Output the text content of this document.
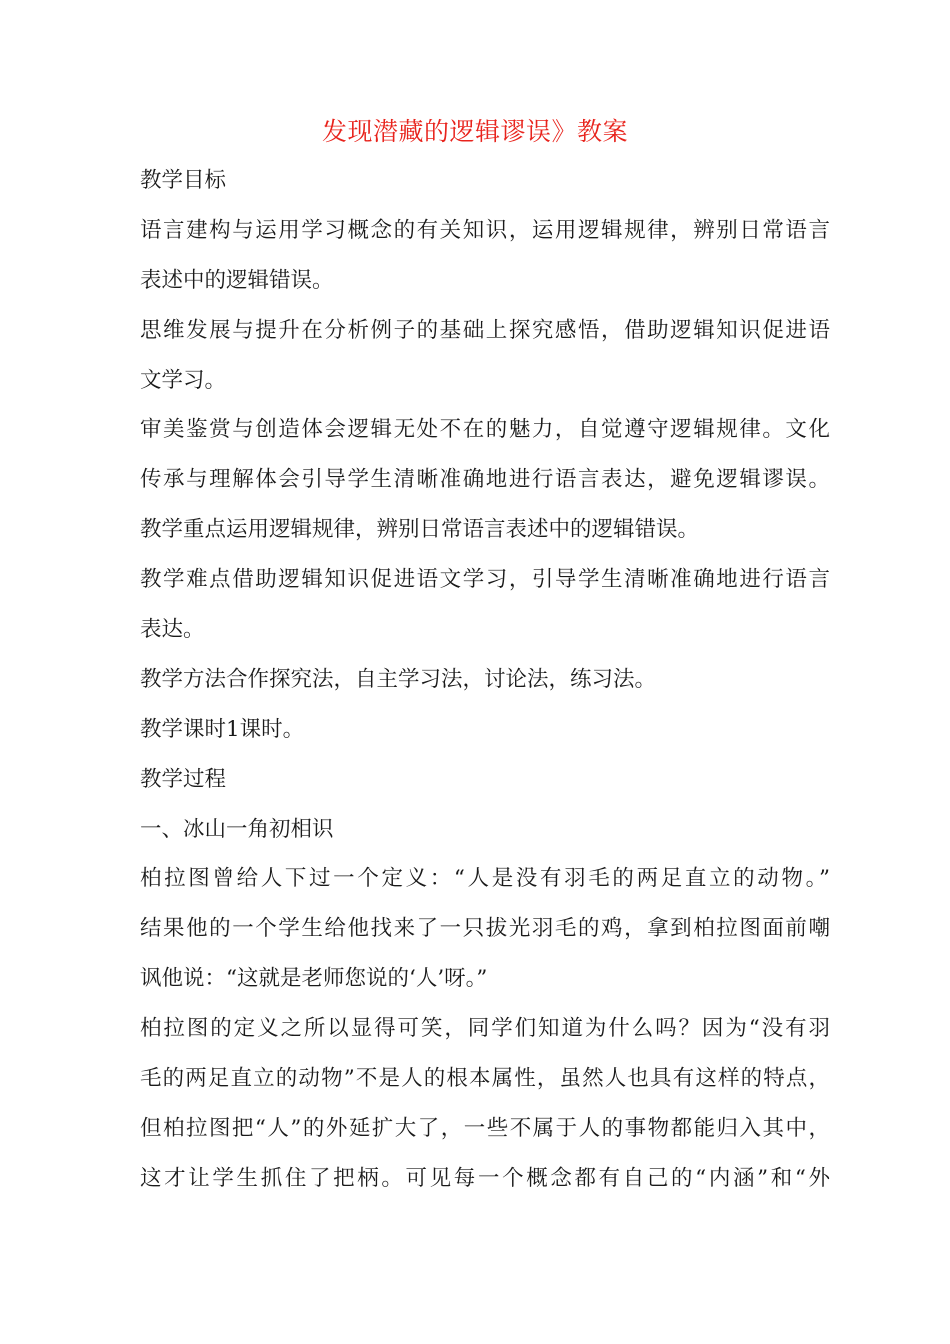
发现潜藏的逻辑谬误》教案
教学目标
语言建构与运用学习概念的有关知识，运用逻辑规律，辨别日常语言
表述中的逻辑错误。
思维发展与提升在分析例子的基础上探究感悟，借助逻辑知识促进语
文学习。
审美鉴赏与创造体会逻辑无处不在的魅力，自觉遵守逻辑规律。文化
传承与理解体会引导学生清晰准确地进行语言表达，避免逻辑谬误。
教学重点运用逻辑规律，辨别日常语言表述中的逻辑错误。
教学难点借助逻辑知识促进语文学习，引导学生清晰准确地进行语言
表达。
教学方法合作探究法，自主学习法，讨论法，练习法。
教学课时1课时。
教学过程
一、冰山一角初相识
柏拉图曾给人下过一个定义：“人是没有羽毛的两足直立的动物。”
结果他的一个学生给他找来了一只拔光羽毛的鸡，拿到柏拉图面前嘲
讽他说：“这就是老师您说的‘人’呀。”
柏拉图的定义之所以显得可笑，同学们知道为什么吗？因为“没有羽
毛的两足直立的动物”不是人的根本属性，虽然人也具有这样的特点，
但柏拉图把“人”的外延扩大了，一些不属于人的事物都能归入其中，
这才让学生抓住了把柄。可见每一个概念都有自己的“内涵”和“外
